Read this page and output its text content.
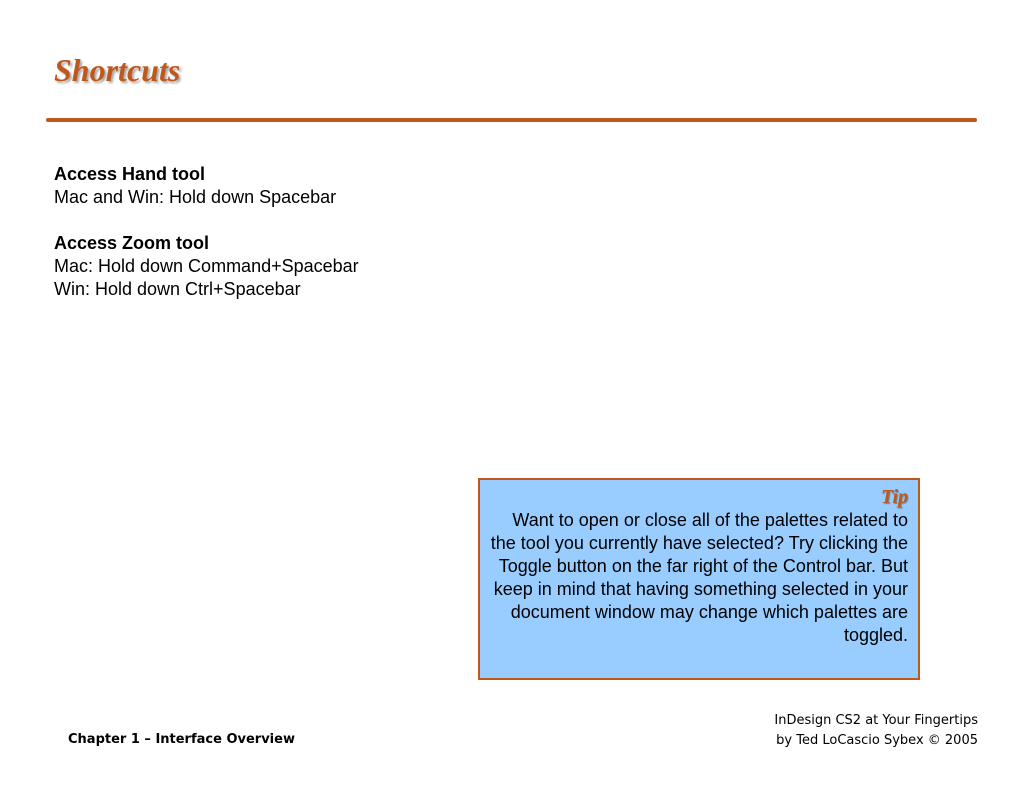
Shortcuts
Access Hand tool
Mac and Win: Hold down Spacebar
Access Zoom tool
Mac: Hold down Command+Spacebar
Win: Hold down Ctrl+Spacebar
Tip
Want to open or close all of the palettes related to the tool you currently have selected? Try clicking the Toggle button on the far right of the Control bar. But keep in mind that having something selected in your document window may change which palettes are toggled.
Chapter 1 – Interface Overview
InDesign CS2 at Your Fingertips
by Ted LoCascio Sybex © 2005
